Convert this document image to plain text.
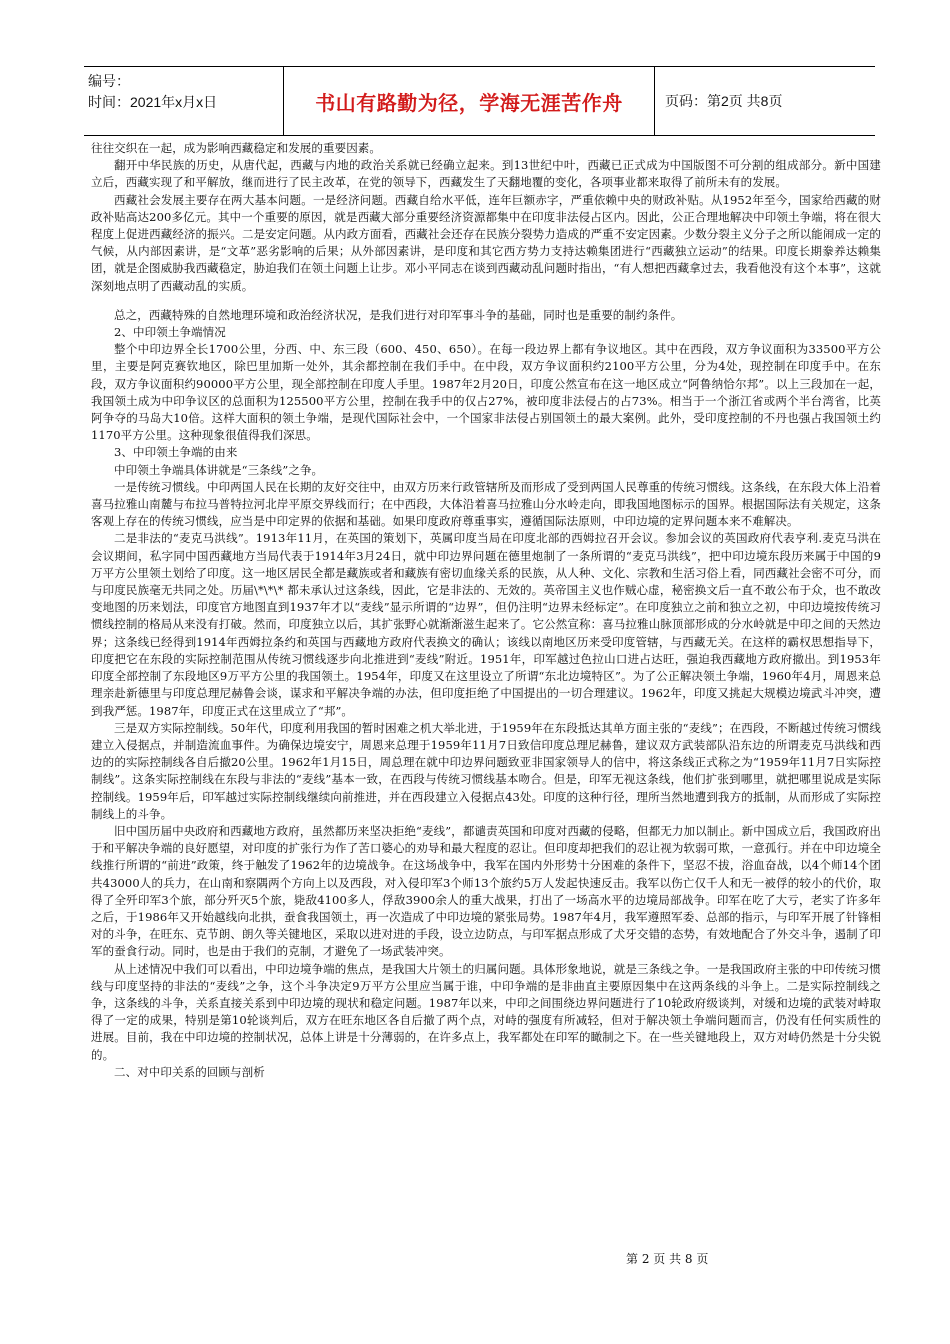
编号：
时间：2021年x月x日	书山有路勤为径，学海无涯苦作舟	页码：第2页 共8页

往往交织在一起，成为影响西藏稳定和发展的重要因素。

翻开中华民族的历史，从唐代起，西藏与内地的政治关系就已经确立起来。到13世纪中叶，西藏已正式成为中国版图不可分割的组成部分。新中国建立后，西藏实现了和平解放，继而进行了民主改革，在党的领导下，西藏发生了天翻地覆的变化，各项事业都来取得了前所未有的发展。

西藏社会发展主要存在两大基本问题。一是经济问题。西藏自给水平低，连年巨额赤字，严重依赖中央的财政补贴。从1952年至今，国家给西藏的财政补贴高达200多亿元。其中一个重要的原因，就是西藏大部分重要经济资源都集中在印度非法侵占区内。因此，公正合理地解决中印领土争端，将在很大程度上促进西藏经济的振兴。二是安定问题。从内政方面看，西藏社会还存在民族分裂势力造成的严重不安定因素。少数分裂主义分子之所以能闹成一定的气候，从内部因素讲，是“文革”恶劣影响的后果；从外部因素讲，是印度和其它西方势力支持达赖集团进行“西藏独立运动”的结果。印度长期豢养达赖集团，就是企图威胁我西藏稳定，胁迫我们在领土问题上让步。邓小平同志在谈到西藏动乱问题时指出，“有人想把西藏拿过去，我看他没有这个本事”，这就深刻地点明了西藏动乱的实质。

总之，西藏特殊的自然地理环境和政治经济状况，是我们进行对印军事斗争的基础，同时也是重要的制约条件。

2、中印领土争端情况

整个中印边界全长1700公里，分西、中、东三段（600、450、650）。在每一段边界上都有争议地区。其中在西段，双方争议面积为33500平方公里，主要是阿克赛钦地区，除巴里加斯一处外，其余都控制在我们手中。在中段，双方争议面积约2100平方公里，分为4处，现控制在印度手中。在东段，双方争议面积约90000平方公里，现全部控制在印度人手里。1987年2月20日，印度公然宣布在这一地区成立“阿鲁纳恰尔邦”。以上三段加在一起，我国领土成为中印争议区的总面积为125500平方公里，控制在我手中的仅占27%，被印度非法侵占的占73%。相当于一个浙江省或两个半台湾省，比英阿争夺的马岛大10倍。这样大面积的领土争端，是现代国际社会中，一个国家非法侵占别国领土的最大案例。此外，受印度控制的不丹也强占我国领土约1170平方公里。这种现象很值得我们深思。

3、中印领土争端的由来

中印领土争端具体讲就是“三条线”之争。

一是传统习惯线。中印两国人民在长期的友好交往中，由双方历来行政管辖所及而形成了受到两国人民尊重的传统习惯线。这条线，在东段大体上沿着喜马拉雅山南麓与布拉马普特拉河北岸平原交界线而行；在中西段，大体沿着喜马拉雅山分水岭走向，即我国地图标示的国界。根据国际法有关规定，这条客观上存在的传统习惯线，应当是中印定界的依据和基础。如果印度政府尊重事实，遵循国际法原则，中印边境的定界问题本来不难解决。

二是非法的“麦克马洪线”。1913年11月，在英国的策划下，英属印度当局在印度北部的西姆拉召开会议。参加会议的英国政府代表亨利.麦克马洪在会议期间，私字同中国西藏地方当局代表于1914年3月24日，就中印边界问题在德里炮制了一条所谓的“麦克马洪线”，把中印边境东段历来属于中国的9万平方公里领土划给了印度。这一地区居民全都是藏族或者和藏族有密切血缘关系的民族，从人种、文化、宗教和生活习俗上看，同西藏社会密不可分，而与印度民族毫无共同之处。历届\*\*\* 都未承认过这条线，因此，它是非法的、无效的。英帝国主义也作贼心虚，秘密换文后一直不敢公布于众，也不敢改变地图的历来划法，印度官方地图直到1937年才以“麦线”显示所谓的“边界”，但仍注明“边界未经标定”。在印度独立之前和独立之初，中印边境按传统习惯线控制的格局从来没有打破。然而，印度独立以后，其扩张野心就渐渐滋生起来了。它公然宣称：喜马拉雅山脉顶部形成的分水岭就是中印之间的天然边界；这条线已经得到1914年西姆拉条约和英国与西藏地方政府代表换文的确认；该线以南地区历来受印度管辖，与西藏无关。在这样的霸权思想指导下，印度把它在东段的实际控制范围从传统习惯线逐步向北推进到“麦线”附近。1951年，印军越过色拉山口进占达旺，强迫我西藏地方政府撤出。到1953年印度全部控制了东段地区9万平方公里的我国领土。1954年，印度又在这里设立了所谓“东北边境特区”。为了公正解决领土争端，1960年4月，周恩来总理亲赴新德里与印度总理尼赫鲁会谈，谋求和平解决争端的办法，但印度拒绝了中国提出的一切合理建议。1962年，印度又挑起大规模边境武斗冲突，遭到我严惩。1987年，印度正式在这里成立了“邦”。

三是双方实际控制线。50年代，印度利用我国的暂时困难之机大举北进，于1959年在东段抵达其单方面主张的“麦线”；在西段，不断越过传统习惯线建立入侵据点，并制造流血事件。为确保边境安宁，周恩来总理于1959年11月7日致信印度总理尼赫鲁，建议双方武装部队沿东边的所谓麦克马洪线和西边的的实际控制线各自后撤20公里。1962年1月15日，周总理在就中印边界问题致亚非国家领导人的信中，将这条线正式称之为“1959年11月7日实际控制线”。这条实际控制线在东段与非法的“麦线”基本一致，在西段与传统习惯线基本吻合。但是，印军无视这条线，他们扩张到哪里，就把哪里说成是实际控制线。1959年后，印军越过实际控制线继续向前推进，并在西段建立入侵据点43处。印度的这种行径，理所当然地遭到我方的抵制，从而形成了实际控制线上的斗争。

旧中国历届中央政府和西藏地方政府，虽然都历来坚决拒绝“麦线”，都谴责英国和印度对西藏的侵略，但都无力加以制止。新中国成立后，我国政府出于和平解决争端的良好愿望，对印度的扩张行为作了苦口婆心的劝导和最大程度的忍让。但印度却把我们的忍让视为软弱可欺，一意孤行。并在中印边境全线推行所谓的“前进”政策，终于触发了1962年的边境战争。在这场战争中，我军在国内外形势十分困难的条件下，坚忍不拔，浴血奋战，以4个师14个团共43000人的兵力，在山南和察隅两个方向上以及西段，对入侵印军3个师13个旅约5万人发起快速反击。我军以伤亡仅千人和无一被俘的较小的代价，取得了全歼印军3个旅，部分歼灭5个旅，毙敌4100多人，俘敌3900余人的重大战果，打出了一场高水平的边境局部战争。印军在吃了大亏，老实了许多年之后，于1986年又开始越线向北拱，蚕食我国领土，再一次造成了中印边境的紧张局势。1987年4月，我军遵照军委、总部的指示，与印军开展了针锋相对的斗争，在旺东、克节朗、朗久等关键地区，采取以进对进的手段，设立边防点，与印军据点形成了犬牙交错的态势，有效地配合了外交斗争，遏制了印军的蚕食行动。同时，也是由于我们的克制，才避免了一场武装冲突。

从上述情况中我们可以看出，中印边境争端的焦点，是我国大片领土的归属问题。具体形象地说，就是三条线之争。一是我国政府主张的中印传统习惯线与印度坚持的非法的“麦线”之争，这个斗争决定9万平方公里应当属于谁，中印争端的是非曲直主要原因集中在这两条线的斗争上。二是实际控制线之争，这条线的斗争，关系直接关系到中印边境的现状和稳定问题。1987年以来，中印之间围绕边界问题进行了10轮政府级谈判，对缓和边境的武装对峙取得了一定的成果，特别是第10轮谈判后，双方在旺东地区各自后撤了两个点，对峙的强度有所减轻，但对于解决领土争端问题而言，仍没有任何实质性的进展。目前，我在中印边境的控制状况，总体上讲是十分薄弱的，在许多点上，我军都处在印军的瞰制之下。在一些关键地段上，双方对峙仍然是十分尖锐的。

二、对中印关系的回顾与剖析

第 2 页 共 8 页
